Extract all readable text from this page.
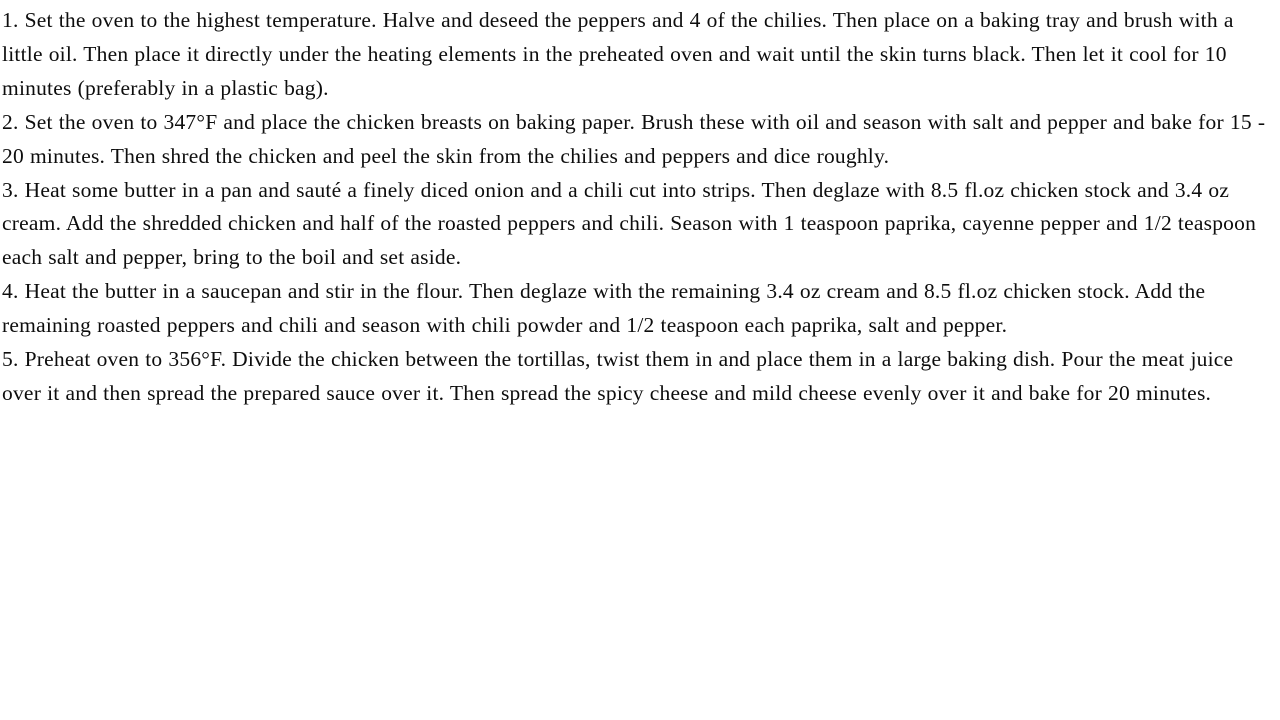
1. Set the oven to the highest temperature. Halve and deseed the peppers and 4 of the chilies. Then place on a baking tray and brush with a little oil. Then place it directly under the heating elements in the preheated oven and wait until the skin turns black. Then let it cool for 10 minutes (preferably in a plastic bag).

2. Set the oven to 347°F and place the chicken breasts on baking paper. Brush these with oil and season with salt and pepper and bake for 15 - 20 minutes. Then shred the chicken and peel the skin from the chilies and peppers and dice roughly.

3. Heat some butter in a pan and sauté a finely diced onion and a chili cut into strips. Then deglaze with 8.5 fl.oz chicken stock and 3.4 oz cream. Add the shredded chicken and half of the roasted peppers and chili. Season with 1 teaspoon paprika, cayenne pepper and 1/2 teaspoon each salt and pepper, bring to the boil and set aside.

4. Heat the butter in a saucepan and stir in the flour. Then deglaze with the remaining 3.4 oz cream and 8.5 fl.oz chicken stock. Add the remaining roasted peppers and chili and season with chili powder and 1/2 teaspoon each paprika, salt and pepper.

5. Preheat oven to 356°F. Divide the chicken between the tortillas, twist them in and place them in a large baking dish. Pour the meat juice over it and then spread the prepared sauce over it. Then spread the spicy cheese and mild cheese evenly over it and bake for 20 minutes.
